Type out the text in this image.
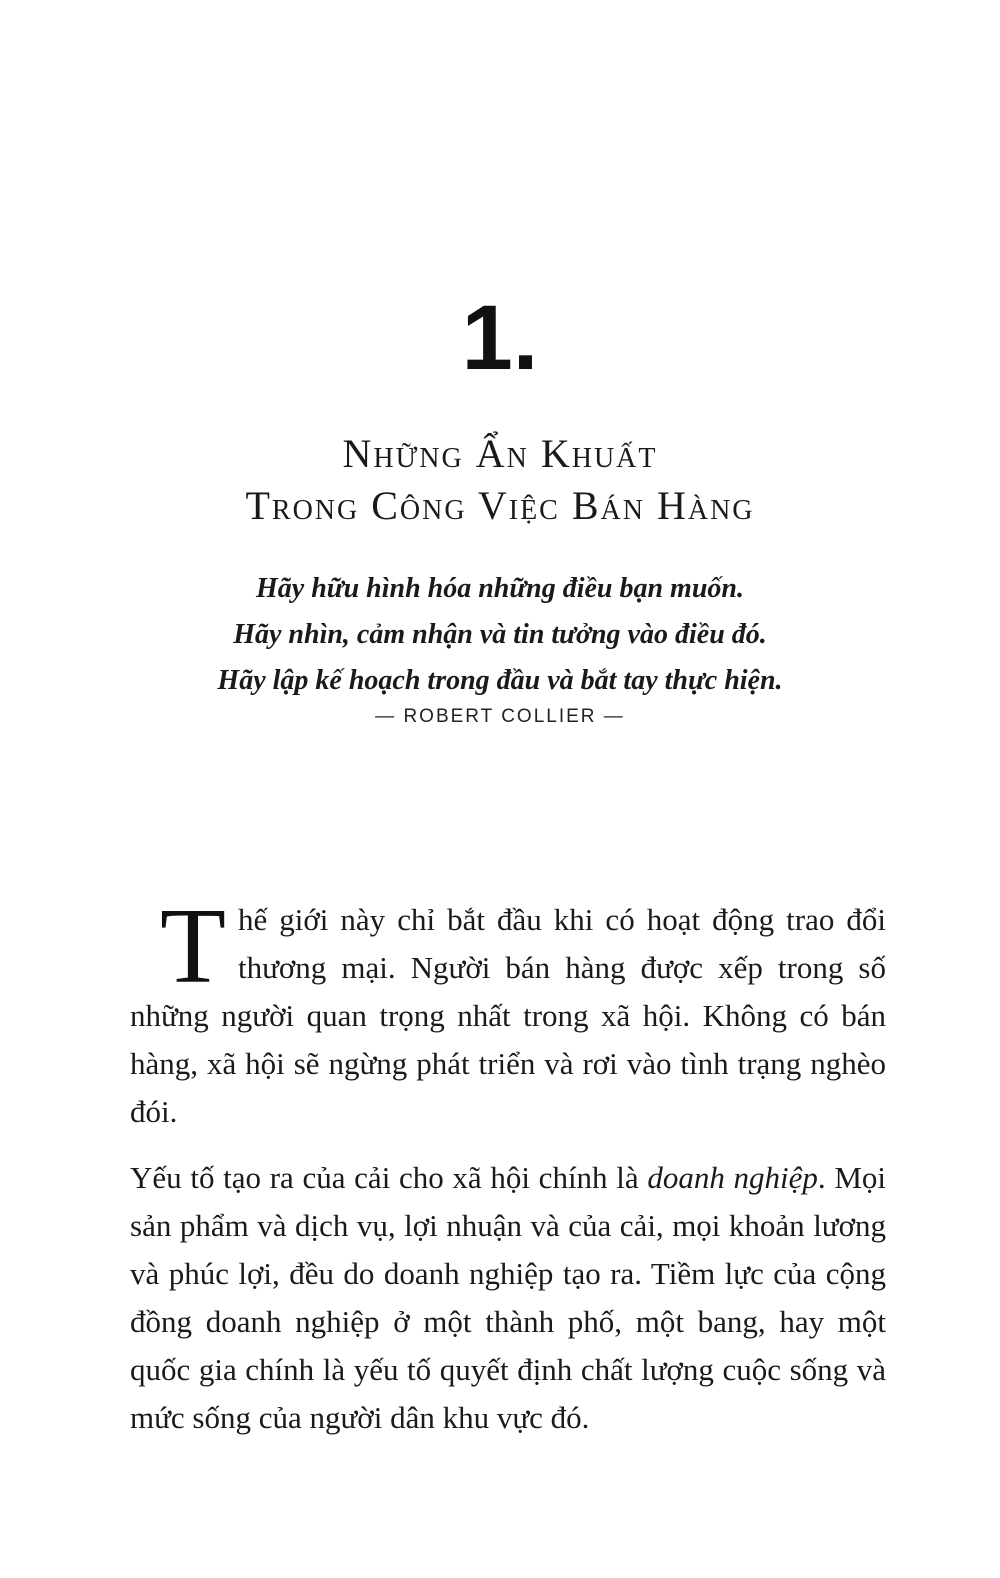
1.
Những Ẩn Khuất
Trong Công Việc Bán Hàng
Hãy hữu hình hóa những điều bạn muốn.
Hãy nhìn, cảm nhận và tin tưởng vào điều đó.
Hãy lập kế hoạch trong đầu và bắt tay thực hiện.
— ROBERT COLLIER —

Thế giới này chỉ bắt đầu khi có hoạt động trao đổi thương mại. Người bán hàng được xếp trong số những người quan trọng nhất trong xã hội. Không có bán hàng, xã hội sẽ ngừng phát triển và rơi vào tình trạng nghèo đói.

Yếu tố tạo ra của cải cho xã hội chính là doanh nghiệp. Mọi sản phẩm và dịch vụ, lợi nhuận và của cải, mọi khoản lương và phúc lợi, đều do doanh nghiệp tạo ra. Tiềm lực của cộng đồng doanh nghiệp ở một thành phố, một bang, hay một quốc gia chính là yếu tố quyết định chất lượng cuộc sống và mức sống của người dân khu vực đó.
